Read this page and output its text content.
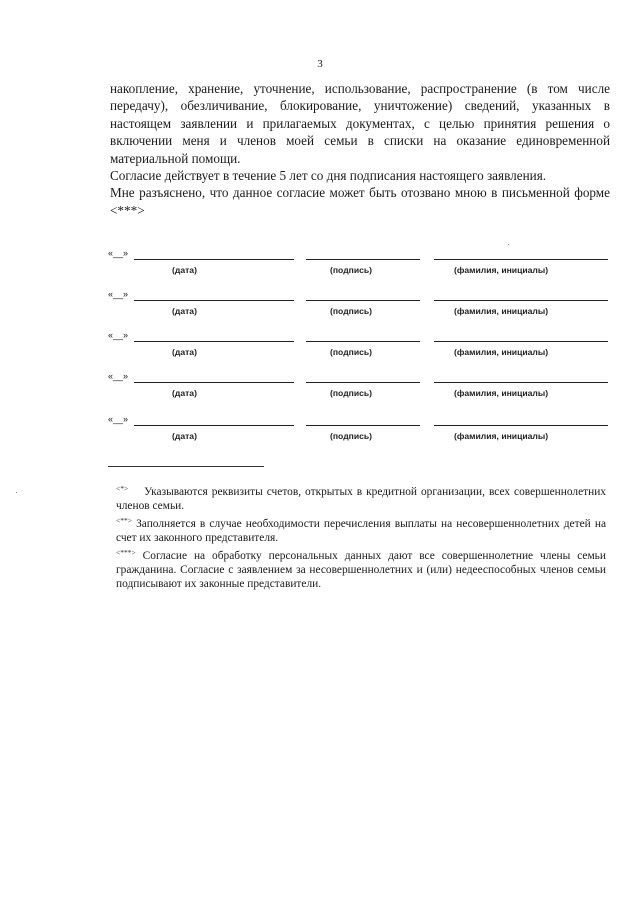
3

накопление, хранение, уточнение, использование, распространение (в том числе передачу), обезличивание, блокирование, уничтожение) сведений, указанных в настоящем заявлении и прилагаемых документах, с целью принятия решения о включении меня и членов моей семьи в списки на оказание единовременной материальной помощи.

Согласие действует в течение 5 лет со дня подписания настоящего заявления.

Мне разъяснено, что данное согласие может быть отозвано мною в письменной форме <***>

«__»
(дата)	(подпись)	(фамилия, инициалы)
«__»
(дата)	(подпись)	(фамилия, инициалы)
«__»
(дата)	(подпись)	(фамилия, инициалы)
«__»
(дата)	(подпись)	(фамилия, инициалы)
«__»
(дата)	(подпись)	(фамилия, инициалы)

<*> Указываются реквизиты счетов, открытых в кредитной организации, всех совершеннолетних членов семьи.

<**> Заполняется в случае необходимости перечисления выплаты на несовершеннолетних детей на счет их законного представителя.

<***> Согласие на обработку персональных данных дают все совершеннолетние члены семьи гражданина. Согласие с заявлением за несовершеннолетних и (или) недееспособных членов семьи подписывают их законные представители.
